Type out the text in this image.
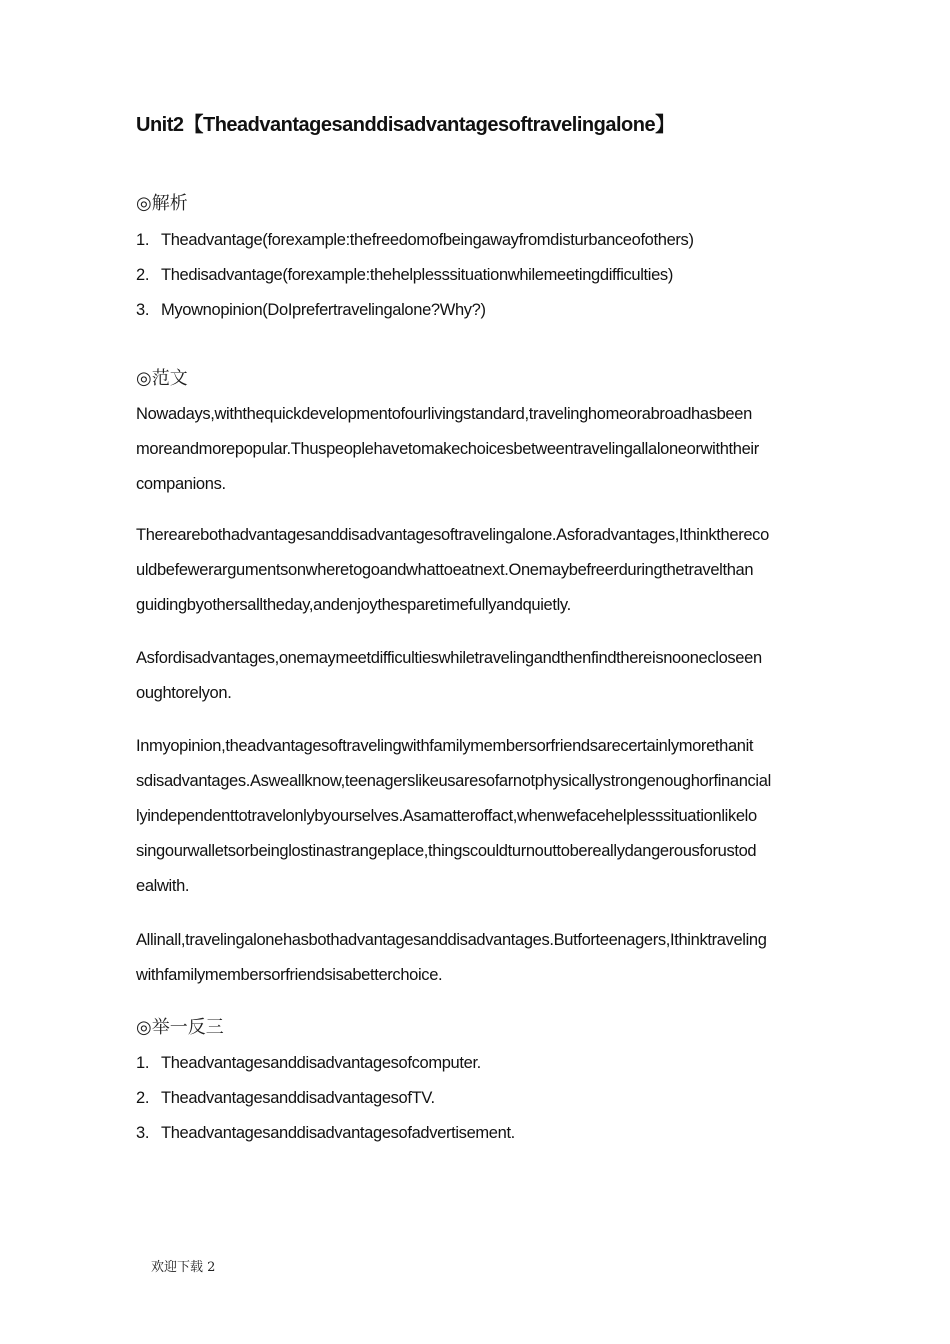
Unit2【Theadvantagesanddisadvantagesoftravelingalone】
◎解析
1. Theadvantage(forexample:thefreedomofbeingawayfromdisturbanceofothers)
2. Thedisadvantage(forexample:thehelplesssituationwhilemeetingdifficulties)
3. Myownopinion(DoIprefertravelingalone?Why?)
◎范文
Nowadays,withthequickdevelopmentofourlivingstandard,travelinghomeorabroadhasbeen
moreandmorepopular.Thuspeoplehavetomakechoicesbetweentravelingallaloneorwiththeir
companions.
Therearebothadvantagesanddisadvantagesoftravelingalone.Asforadvantages,Ithinkthereco
uldbefewerargumentsonwheretogoandwhattoeatnext.Onemaybefreerduringthetravelthan
guidingbyothersalltheday,andenjoythesparetimefullyandquietly.
Asfordisadvantages,onemaymeetdifficultieswhiletravelingandthenfindthereisnoonecloseen
oughtorelyon.
Inmyopinion,theadvantagesoftravelingwithfamilymembersorfriendsarecertainlymorethanit
sdisadvantages.Asweallknow,teenagerslikeusaresofarnotphysicallystrongenoughorfinancial
lyindependenttotravelonlybyourselves.Asamatteroffact,whenwefacehelplesssituationlikelo
singourwalletsorbeinglostinastrangeplace,thingscouldturnouttobereallydangerousforustod
ealwith.
Allinall,travelingalonehasbothadvantagesanddisadvantages.Butforteenagers,Ithinktraveling
withfamilymembersorfriendsisabetterchoice.
◎举一反三
1. Theadvantagesanddisadvantagesofcomputer.
2. TheadvantagesanddisadvantagesofTV.
3. Theadvantagesanddisadvantagesofadvertisement.
欢迎下载 2
